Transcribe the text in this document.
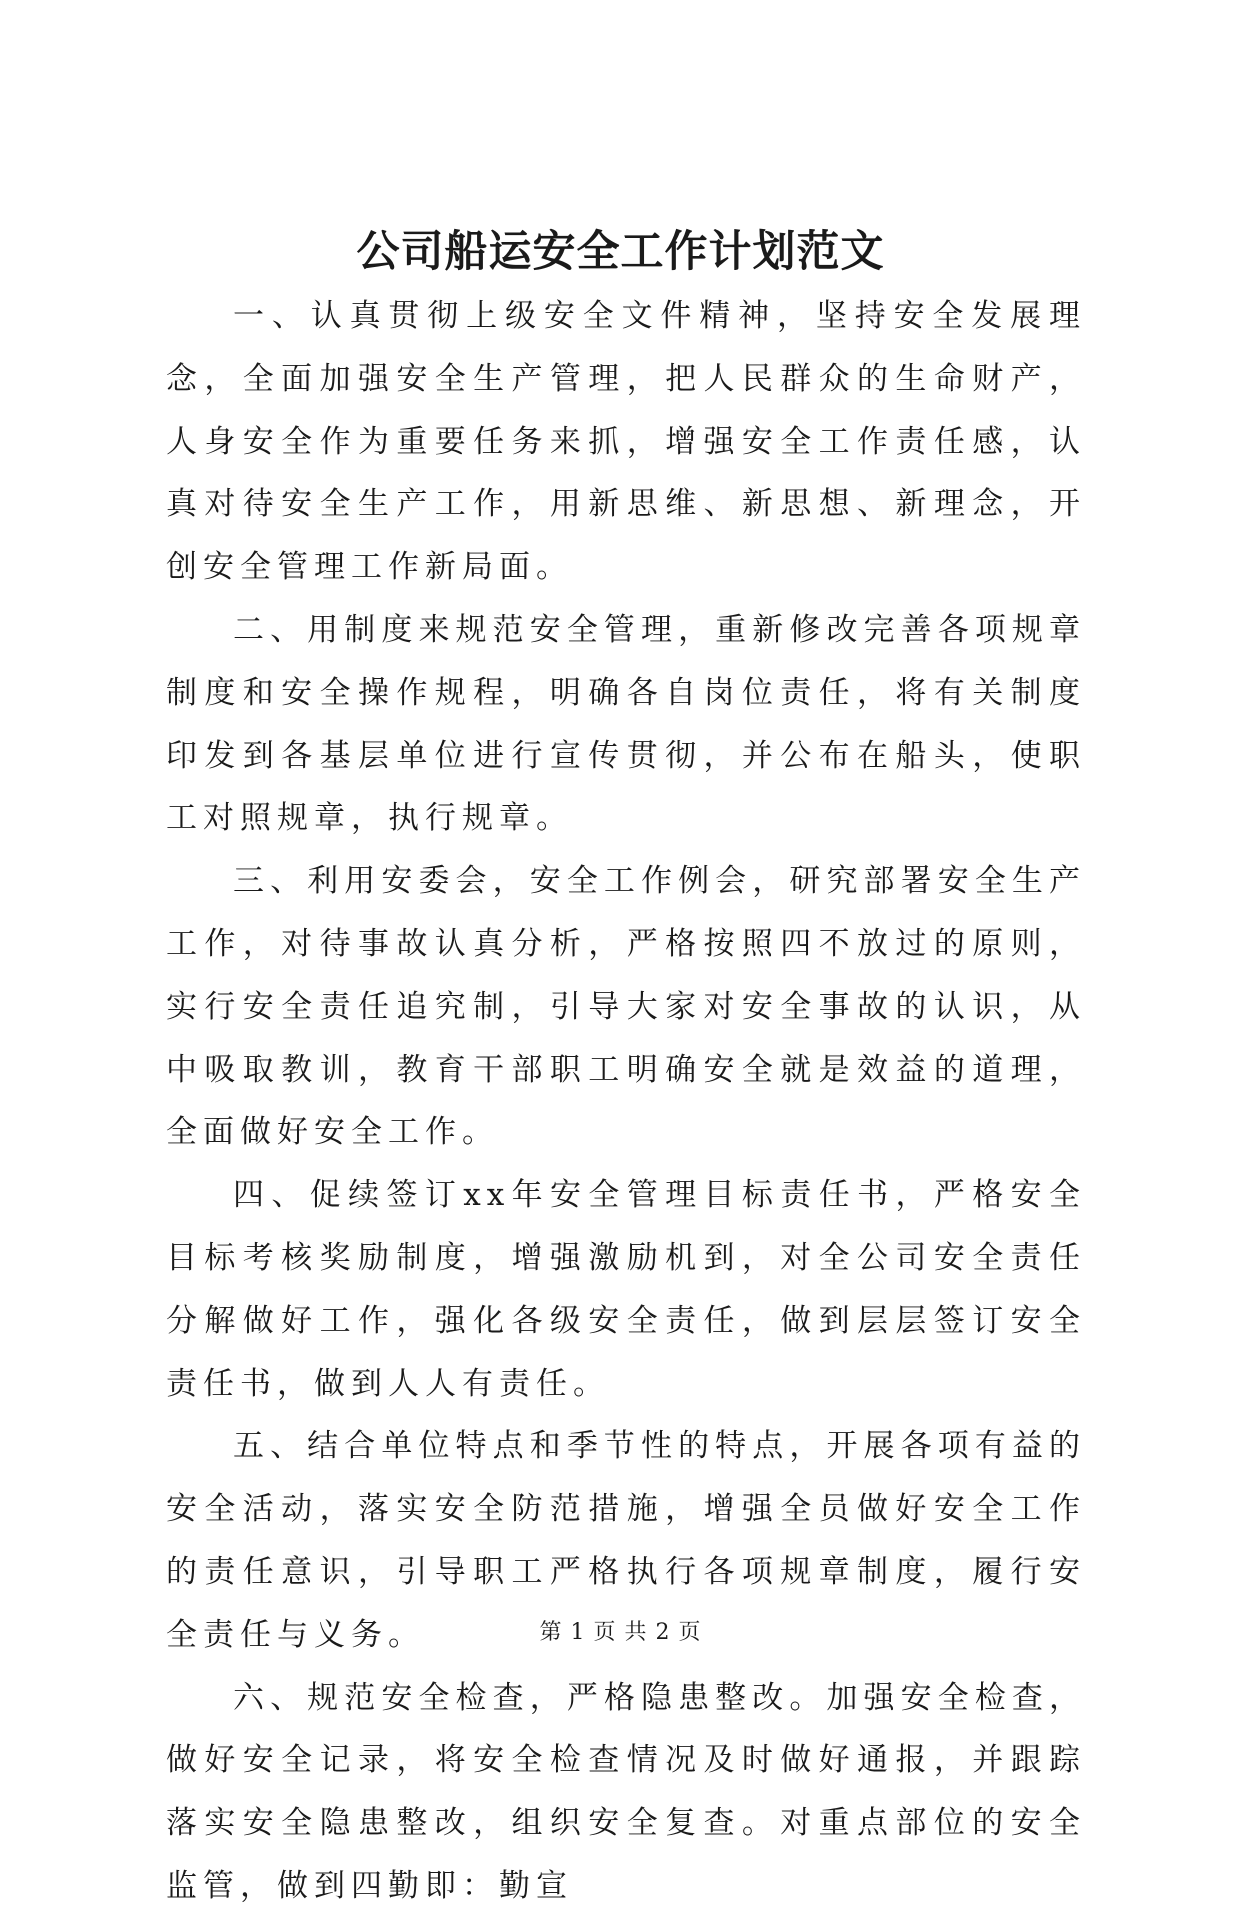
公司船运安全工作计划范文

一、认真贯彻上级安全文件精神，坚持安全发展理念，全面加强安全生产管理，把人民群众的生命财产，人身安全作为重要任务来抓，增强安全工作责任感，认真对待安全生产工作，用新思维、新思想、新理念，开创安全管理工作新局面。

二、用制度来规范安全管理，重新修改完善各项规章制度和安全操作规程，明确各自岗位责任，将有关制度印发到各基层单位进行宣传贯彻，并公布在船头，使职工对照规章，执行规章。

三、利用安委会，安全工作例会，研究部署安全生产工作，对待事故认真分析，严格按照四不放过的原则，实行安全责任追究制，引导大家对安全事故的认识，从中吸取教训，教育干部职工明确安全就是效益的道理，全面做好安全工作。

四、促续签订xx年安全管理目标责任书，严格安全目标考核奖励制度，增强激励机到，对全公司安全责任分解做好工作，强化各级安全责任，做到层层签订安全责任书，做到人人有责任。

五、结合单位特点和季节性的特点，开展各项有益的安全活动，落实安全防范措施，增强全员做好安全工作的责任意识，引导职工严格执行各项规章制度，履行安全责任与义务。

六、规范安全检查，严格隐患整改。加强安全检查，做好安全记录，将安全检查情况及时做好通报，并跟踪落实安全隐患整改，组织安全复查。对重点部位的安全监管，做到四勤即：勤宣

第 1 页 共 2 页
